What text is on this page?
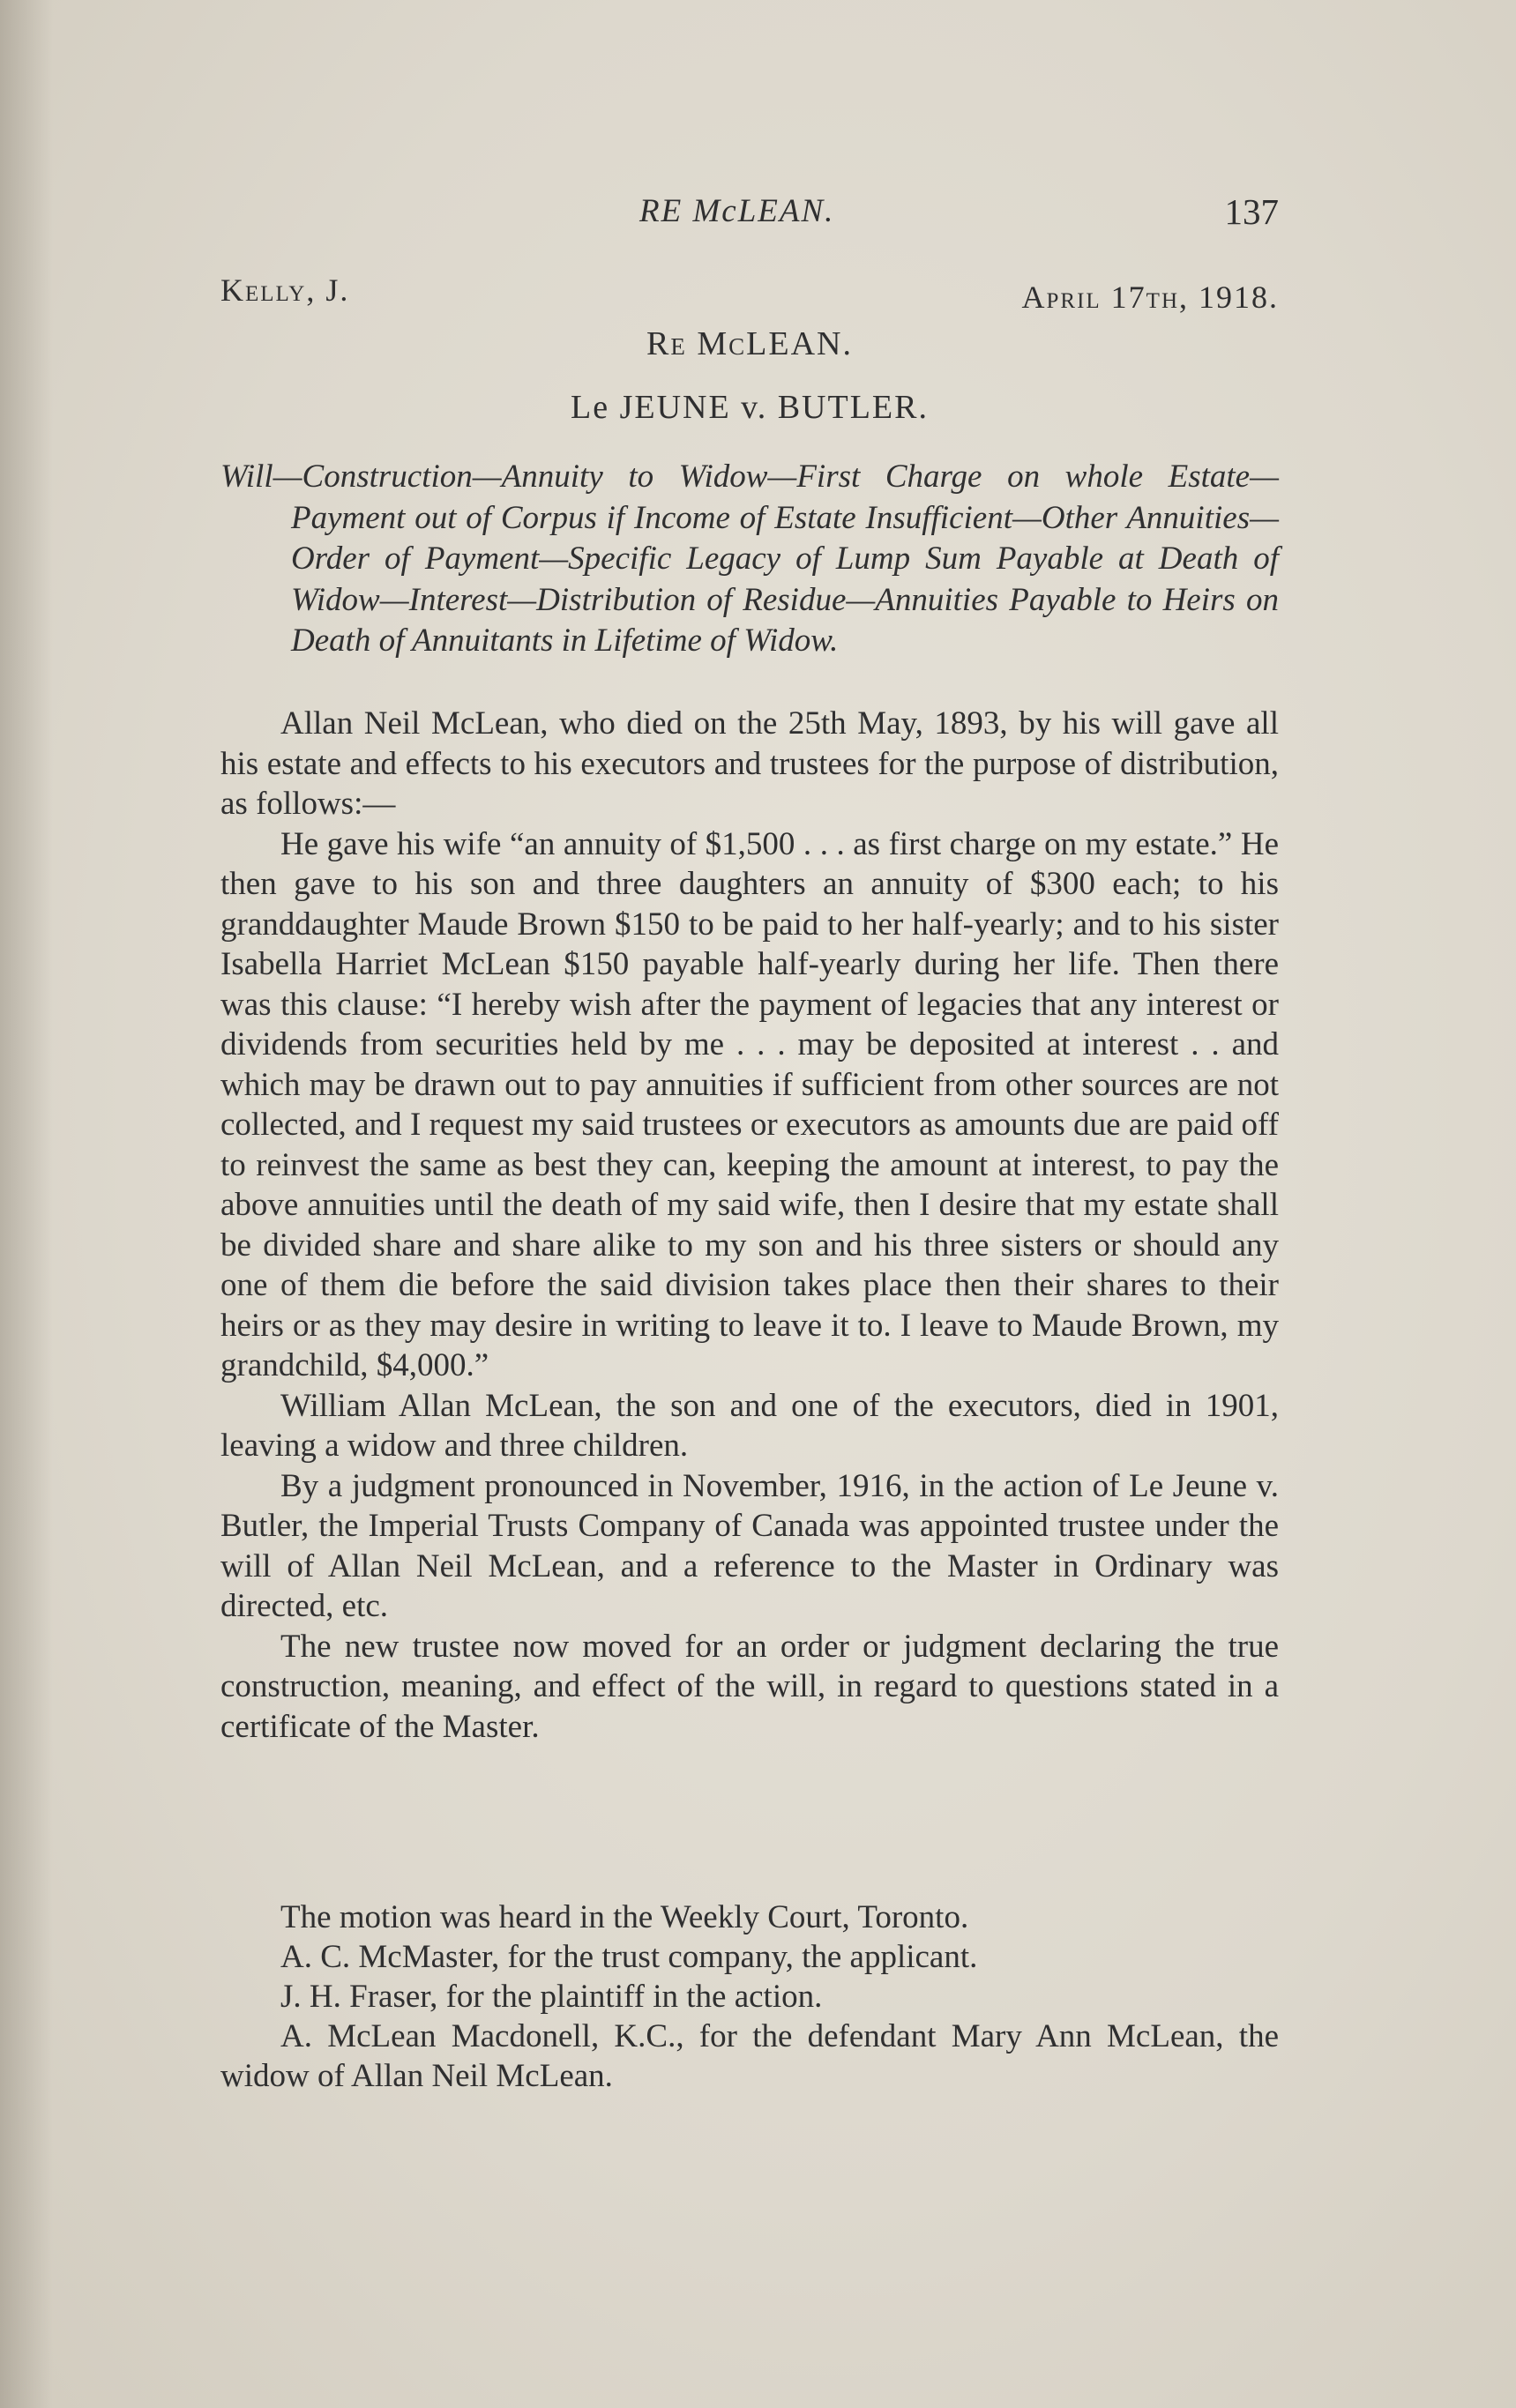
RE McLEAN.	137
Kelly, J.	April 17th, 1918.
Re McLEAN.
Le JEUNE v. BUTLER.
Will—Construction—Annuity to Widow—First Charge on whole Estate—Payment out of Corpus if Income of Estate Insufficient—Other Annuities—Order of Payment—Specific Legacy of Lump Sum Payable at Death of Widow—Interest—Distribution of Residue—Annuities Payable to Heirs on Death of Annuitants in Lifetime of Widow.

Allan Neil McLean, who died on the 25th May, 1893, by his will gave all his estate and effects to his executors and trustees for the purpose of distribution, as follows:—

He gave his wife “an annuity of $1,500 . . . as first charge on my estate.” He then gave to his son and three daughters an annuity of $300 each; to his granddaughter Maude Brown $150 to be paid to her half-yearly; and to his sister Isabella Harriet McLean $150 payable half-yearly during her life. Then there was this clause: “I hereby wish after the payment of legacies that any interest or dividends from securities held by me . . . may be deposited at interest . . and which may be drawn out to pay annuities if sufficient from other sources are not collected, and I request my said trustees or executors as amounts due are paid off to reinvest the same as best they can, keeping the amount at interest, to pay the above annuities until the death of my said wife, then I desire that my estate shall be divided share and share alike to my son and his three sisters or should any one of them die before the said division takes place then their shares to their heirs or as they may desire in writing to leave it to. I leave to Maude Brown, my grandchild, $4,000.”

William Allan McLean, the son and one of the executors, died in 1901, leaving a widow and three children.

By a judgment pronounced in November, 1916, in the action of Le Jeune v. Butler, the Imperial Trusts Company of Canada was appointed trustee under the will of Allan Neil McLean, and a reference to the Master in Ordinary was directed, etc.

The new trustee now moved for an order or judgment declaring the true construction, meaning, and effect of the will, in regard to questions stated in a certificate of the Master.

The motion was heard in the Weekly Court, Toronto.

A. C. McMaster, for the trust company, the applicant.

J. H. Fraser, for the plaintiff in the action.

A. McLean Macdonell, K.C., for the defendant Mary Ann McLean, the widow of Allan Neil McLean.
